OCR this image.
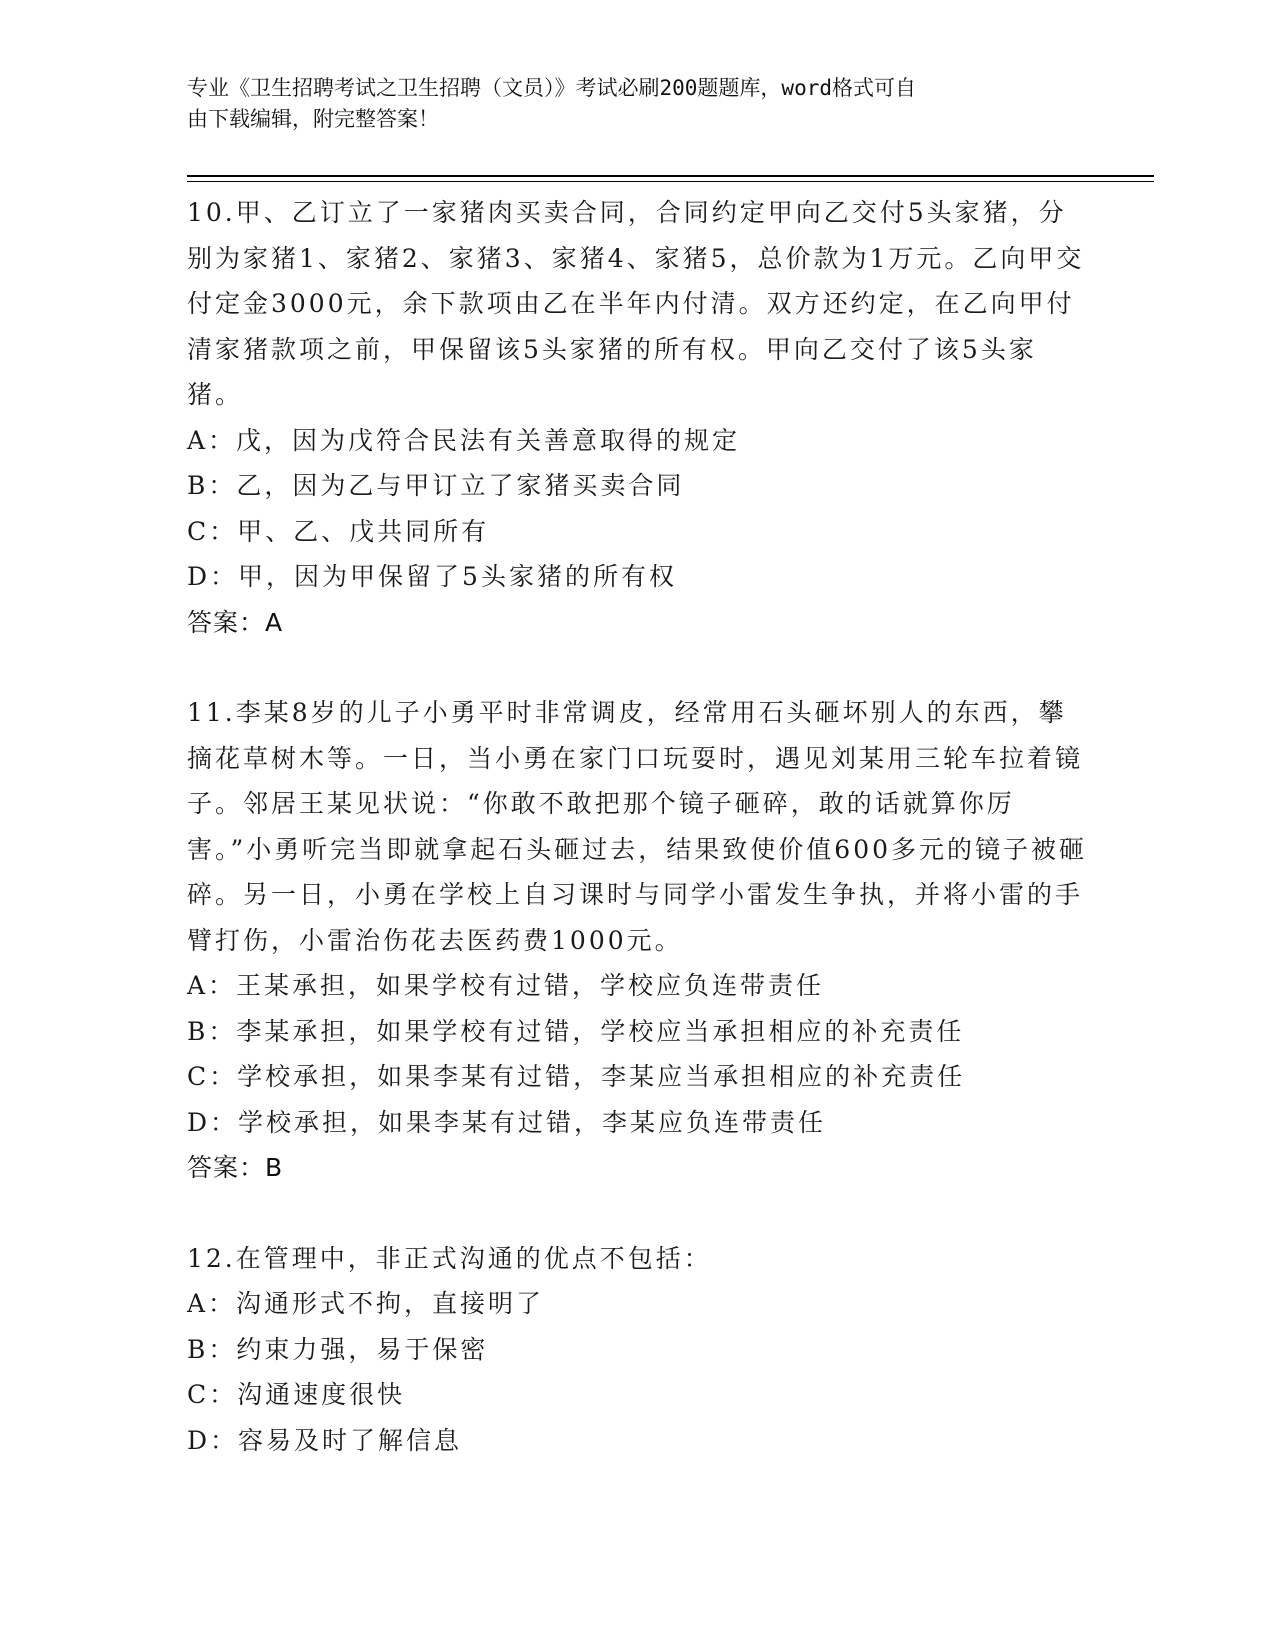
专业《卫生招聘考试之卫生招聘（文员）》考试必刷200题题库，word格式可自
由下载编辑，附完整答案！
10.甲、乙订立了一家猪肉买卖合同，合同约定甲向乙交付5头家猪，分别为家猪1、家猪2、家猪3、家猪4、家猪5，总价款为1万元。乙向甲交付定金3000元，余下款项由乙在半年内付清。双方还约定，在乙向甲付清家猪款项之前，甲保留该5头家猪的所有权。甲向乙交付了该5头家猪。
A：戊，因为戊符合民法有关善意取得的规定
B：乙，因为乙与甲订立了家猪买卖合同
C：甲、乙、戊共同所有
D：甲，因为甲保留了5头家猪的所有权
答案：A
11.李某8岁的儿子小勇平时非常调皮，经常用石头砸坏别人的东西，攀摘花草树木等。一日，当小勇在家门口玩耍时，遇见刘某用三轮车拉着镜子。邻居王某见状说：“你敢不敢把那个镜子砸碎，敢的话就算你厉害。”小勇听完当即就拿起石头砸过去，结果致使价值600多元的镜子被砸碎。另一日，小勇在学校上自习课时与同学小雷发生争执，并将小雷的手臂打伤，小雷治伤花去医药费1000元。
A：王某承担，如果学校有过错，学校应负连带责任
B：李某承担，如果学校有过错，学校应当承担相应的补充责任
C：学校承担，如果李某有过错，李某应当承担相应的补充责任
D：学校承担，如果李某有过错，李某应负连带责任
答案：B
12.在管理中，非正式沟通的优点不包括：
A：沟通形式不拘，直接明了
B：约束力强，易于保密
C：沟通速度很快
D：容易及时了解信息
